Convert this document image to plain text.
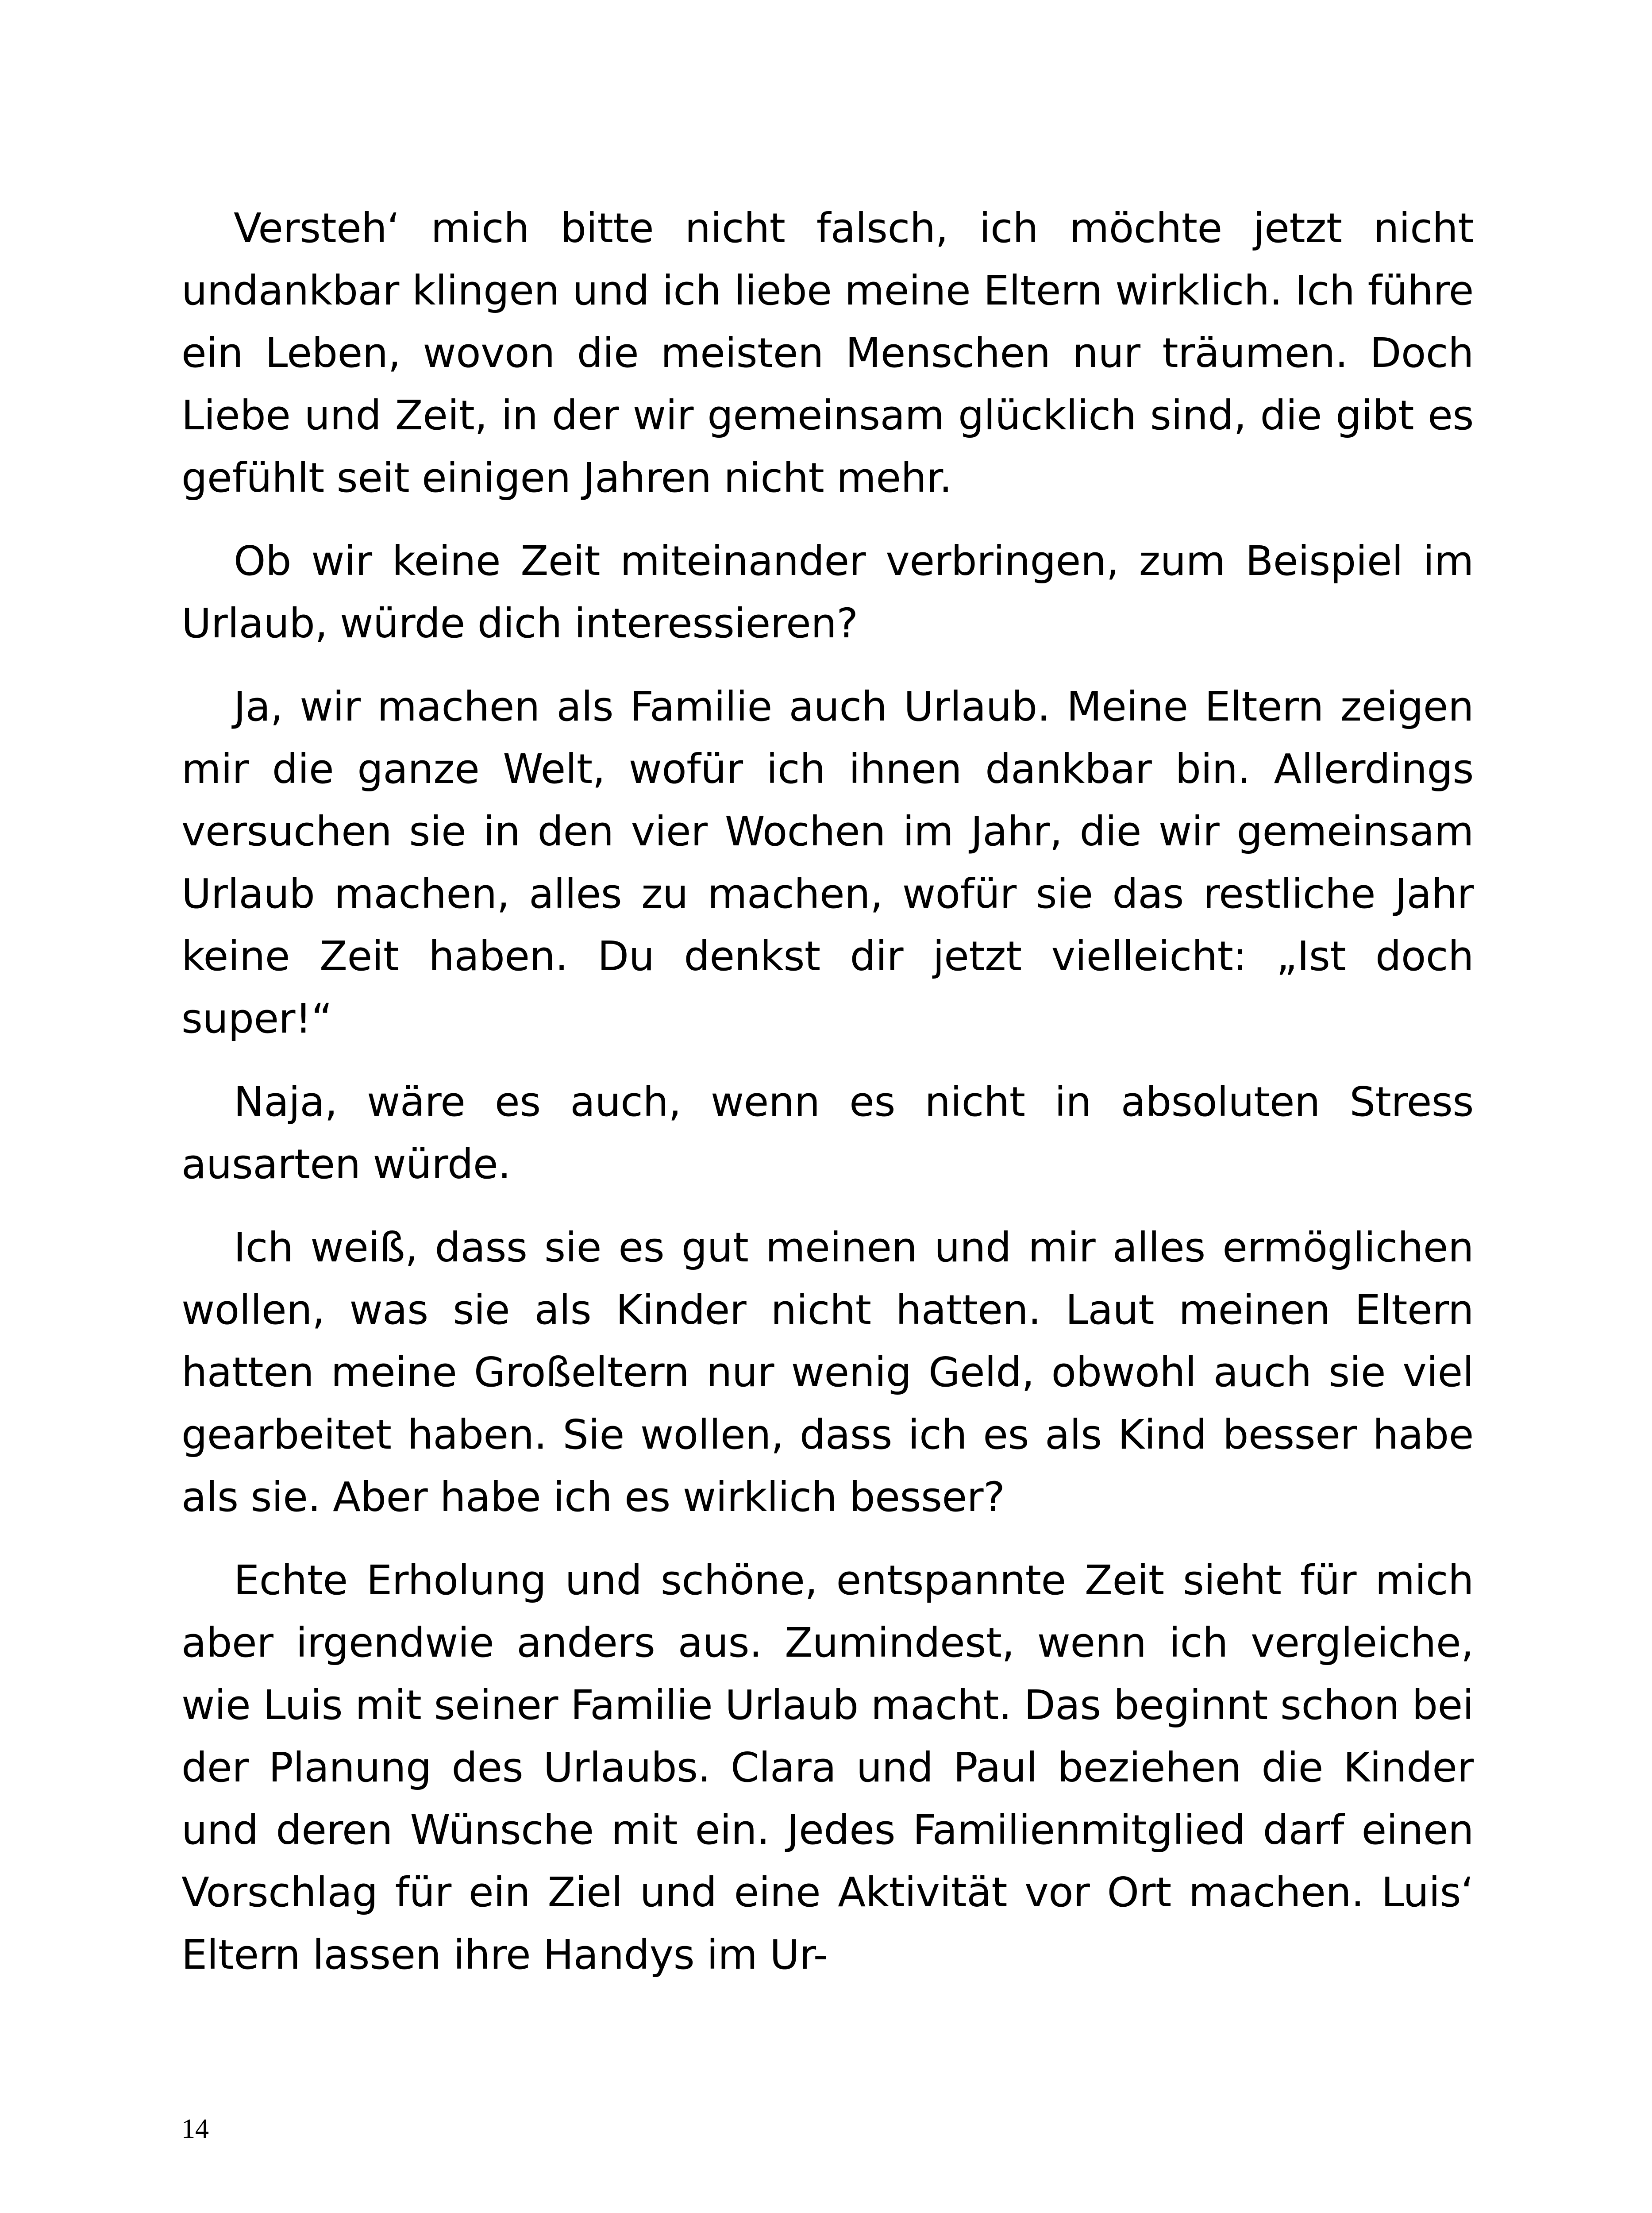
Versteh‘ mich bitte nicht falsch, ich möchte jetzt nicht undankbar klingen und ich liebe meine Eltern wirklich. Ich führe ein Leben, wovon die meisten Menschen nur träumen. Doch Liebe und Zeit, in der wir gemeinsam glücklich sind, die gibt es gefühlt seit einigen Jahren nicht mehr.

Ob wir keine Zeit miteinander verbringen, zum Beispiel im Urlaub, würde dich interessieren?

Ja, wir machen als Familie auch Urlaub. Meine Eltern zeigen mir die ganze Welt, wofür ich ihnen dankbar bin. Allerdings versuchen sie in den vier Wochen im Jahr, die wir gemeinsam Urlaub machen, alles zu machen, wofür sie das restliche Jahr keine Zeit haben. Du denkst dir jetzt vielleicht: „Ist doch super!“

Naja, wäre es auch, wenn es nicht in absoluten Stress ausarten würde.

Ich weiß, dass sie es gut meinen und mir alles ermöglichen wollen, was sie als Kinder nicht hatten. Laut meinen Eltern hatten meine Großeltern nur wenig Geld, obwohl auch sie viel gearbeitet haben. Sie wollen, dass ich es als Kind besser habe als sie. Aber habe ich es wirklich besser?

Echte Erholung und schöne, entspannte Zeit sieht für mich aber irgendwie anders aus. Zumindest, wenn ich vergleiche, wie Luis mit seiner Familie Urlaub macht. Das beginnt schon bei der Planung des Urlaubs. Clara und Paul beziehen die Kinder und deren Wünsche mit ein. Jedes Familienmitglied darf einen Vorschlag für ein Ziel und eine Aktivität vor Ort machen. Luis‘ Eltern lassen ihre Handys im Ur-

14
